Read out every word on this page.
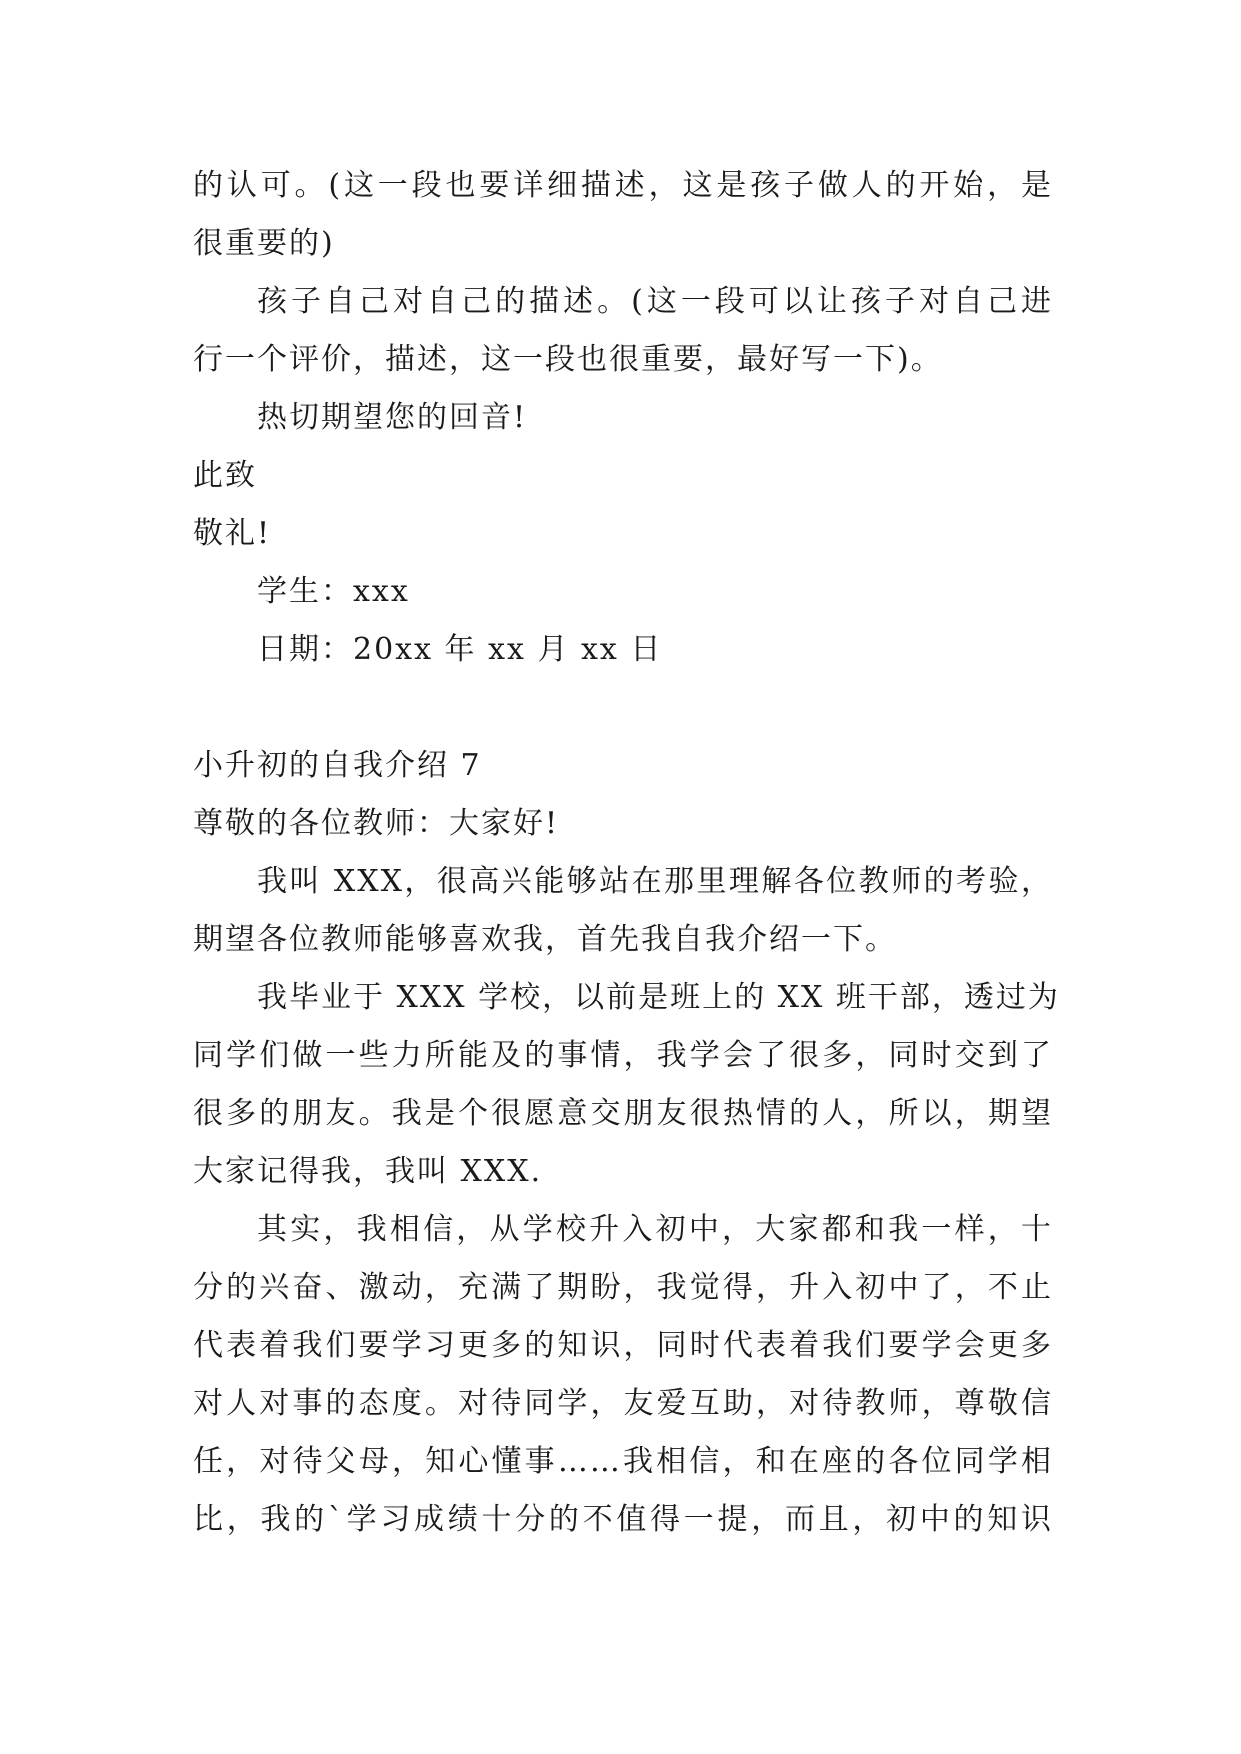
的认可。(这一段也要详细描述，这是孩子做人的开始，是
很重要的)
孩子自己对自己的描述。(这一段可以让孩子对自己进
行一个评价，描述，这一段也很重要，最好写一下)。
热切期望您的回音!
此致
敬礼!
学生：xxx
日期：20xx 年 xx 月 xx 日
小升初的自我介绍 7
尊敬的各位教师：大家好!
我叫 XXX，很高兴能够站在那里理解各位教师的考验，
期望各位教师能够喜欢我，首先我自我介绍一下。
我毕业于 XXX 学校，以前是班上的 XX 班干部，透过为
同学们做一些力所能及的事情，我学会了很多，同时交到了
很多的朋友。我是个很愿意交朋友很热情的人，所以，期望
大家记得我，我叫 XXX.
其实，我相信，从学校升入初中，大家都和我一样，十
分的兴奋、激动，充满了期盼，我觉得，升入初中了，不止
代表着我们要学习更多的知识，同时代表着我们要学会更多
对人对事的态度。对待同学，友爱互助，对待教师，尊敬信
任，对待父母，知心懂事……我相信，和在座的各位同学相
比，我的`学习成绩十分的不值得一提，而且，初中的知识
